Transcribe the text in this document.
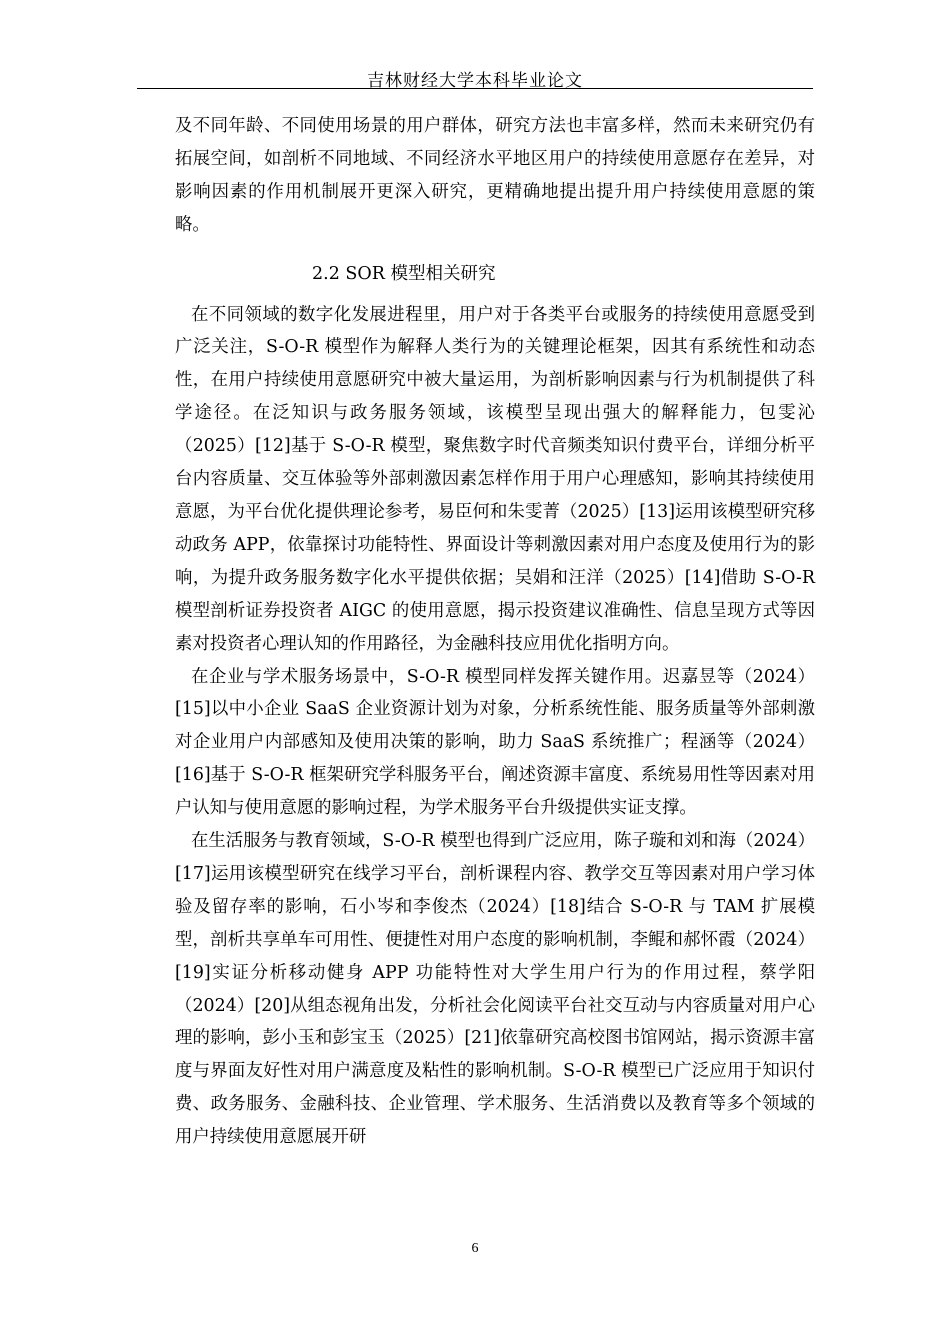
吉林财经大学本科毕业论文

及不同年龄、不同使用场景的用户群体，研究方法也丰富多样，然而未来研究仍有拓展空间，如剖析不同地域、不同经济水平地区用户的持续使用意愿存在差异，对影响因素的作用机制展开更深入研究，更精确地提出提升用户持续使用意愿的策略。

2.2 SOR 模型相关研究

在不同领域的数字化发展进程里，用户对于各类平台或服务的持续使用意愿受到广泛关注，S-O-R 模型作为解释人类行为的关键理论框架，因其有系统性和动态性，在用户持续使用意愿研究中被大量运用，为剖析影响因素与行为机制提供了科学途径。在泛知识与政务服务领域，该模型呈现出强大的解释能力，包雯沁（2025）[12]基于 S-O-R 模型，聚焦数字时代音频类知识付费平台，详细分析平台内容质量、交互体验等外部刺激因素怎样作用于用户心理感知，影响其持续使用意愿，为平台优化提供理论参考，易臣何和朱雯菁（2025）[13]运用该模型研究移动政务 APP，依靠探讨功能特性、界面设计等刺激因素对用户态度及使用行为的影响，为提升政务服务数字化水平提供依据；吴娟和汪洋（2025）[14]借助 S-O-R 模型剖析证券投资者 AIGC 的使用意愿，揭示投资建议准确性、信息呈现方式等因素对投资者心理认知的作用路径，为金融科技应用优化指明方向。

在企业与学术服务场景中，S-O-R 模型同样发挥关键作用。迟嘉昱等（2024）[15]以中小企业 SaaS 企业资源计划为对象，分析系统性能、服务质量等外部刺激对企业用户内部感知及使用决策的影响，助力 SaaS 系统推广；程涵等（2024）[16]基于 S-O-R 框架研究学科服务平台，阐述资源丰富度、系统易用性等因素对用户认知与使用意愿的影响过程，为学术服务平台升级提供实证支撑。

在生活服务与教育领域，S-O-R 模型也得到广泛应用，陈子璇和刘和海（2024）[17]运用该模型研究在线学习平台，剖析课程内容、教学交互等因素对用户学习体验及留存率的影响，石小岑和李俊杰（2024）[18]结合 S-O-R 与 TAM 扩展模型，剖析共享单车可用性、便捷性对用户态度的影响机制，李鲲和郝怀霞（2024）[19]实证分析移动健身 APP 功能特性对大学生用户行为的作用过程，蔡学阳（2024）[20]从组态视角出发，分析社会化阅读平台社交互动与内容质量对用户心理的影响，彭小玉和彭宝玉（2025）[21]依靠研究高校图书馆网站，揭示资源丰富度与界面友好性对用户满意度及粘性的影响机制。S-O-R 模型已广泛应用于知识付费、政务服务、金融科技、企业管理、学术服务、生活消费以及教育等多个领域的用户持续使用意愿展开研

6
